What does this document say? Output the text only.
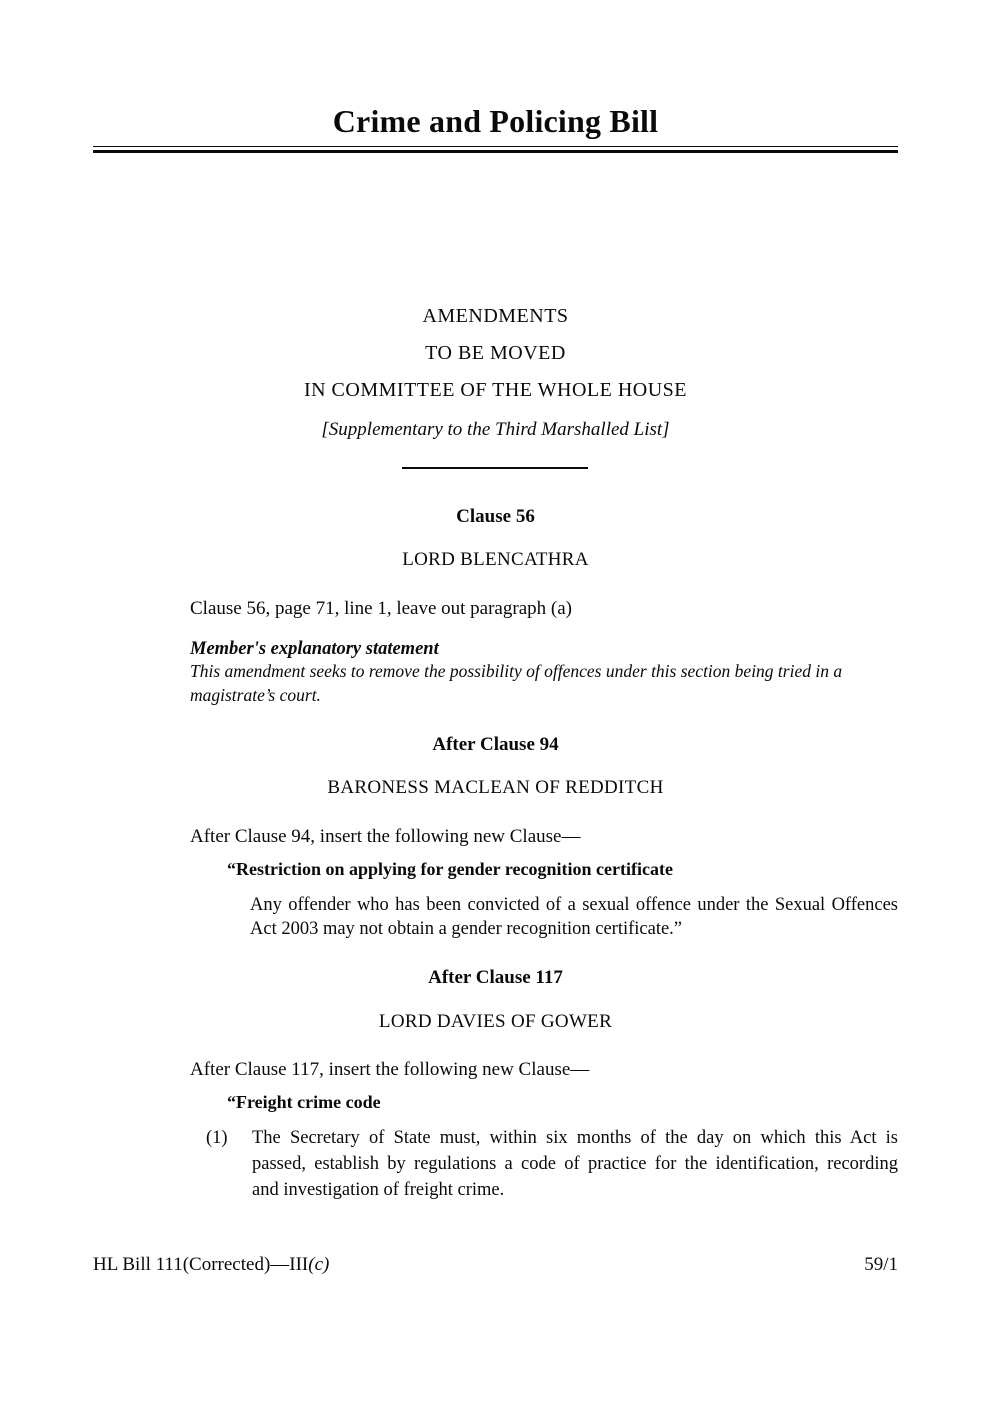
Crime and Policing Bill
AMENDMENTS
TO BE MOVED
IN COMMITTEE OF THE WHOLE HOUSE
[Supplementary to the Third Marshalled List]
Clause 56
LORD BLENCATHRA
Clause 56, page 71, line 1, leave out paragraph (a)
Member's explanatory statement
This amendment seeks to remove the possibility of offences under this section being tried in a
magistrate’s court.
After Clause 94
BARONESS MACLEAN OF REDDITCH
After Clause 94, insert the following new Clause—
“Restriction on applying for gender recognition certificate
Any offender who has been convicted of a sexual offence under the Sexual Offences
Act 2003 may not obtain a gender recognition certificate.”
After Clause 117
LORD DAVIES OF GOWER
After Clause 117, insert the following new Clause—
“Freight crime code
(1) The Secretary of State must, within six months of the day on which this Act is
passed, establish by regulations a code of practice for the identification, recording
and investigation of freight crime.
HL Bill 111(Corrected)—III(c)	59/1
